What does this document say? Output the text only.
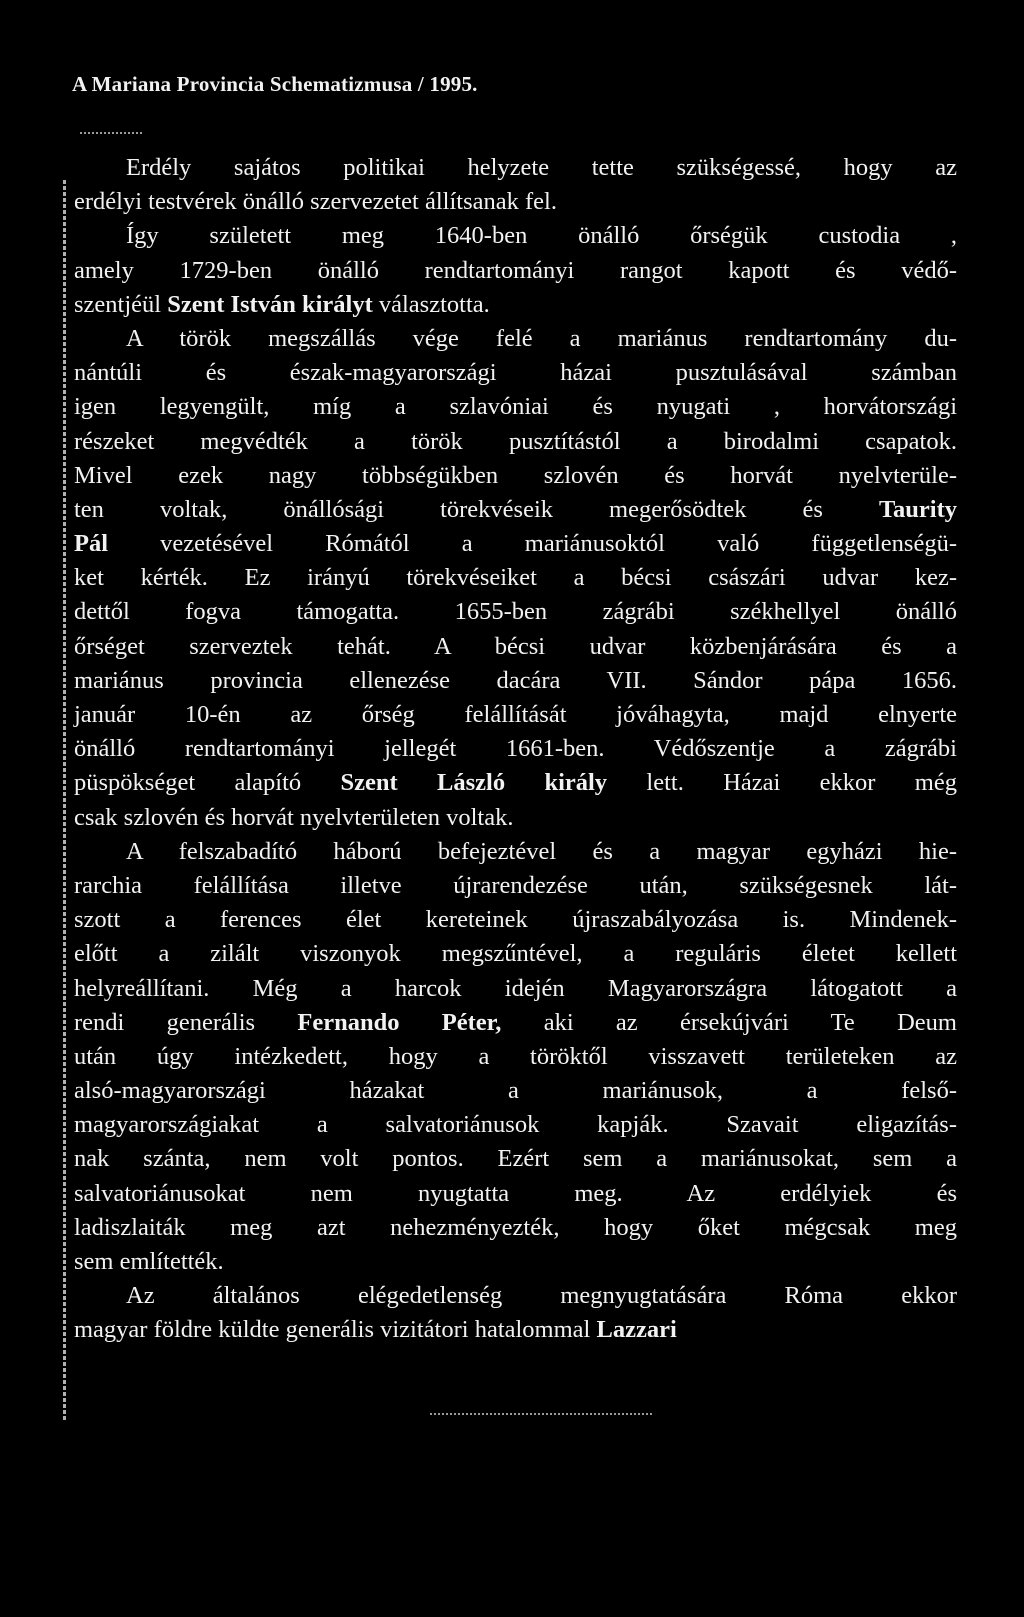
A Mariana Provincia Schematizmusa / 1995.
Erdély sajátos politikai helyzete tette szükségessé, hogy az
erdélyi testvérek önálló szervezetet állítsanak fel.
Így született meg 1640-ben önálló őrségük custodia ,
amely 1729-ben önálló rendtartományi rangot kapott és védő-
szentjéül Szent István királyt választotta.
A török megszállás vége felé a mariánus rendtartomány du-
nántúli és észak-magyarországi házai pusztulásával számban
igen legyengült, míg a szlavóniai és nyugati , horvátországi
részeket megvédték a török pusztítástól a birodalmi csapatok.
Mivel ezek nagy többségükben szlovén és horvát nyelvterüle-
ten voltak, önállósági törekvéseik megerősödtek és Taurity
Pál vezetésével Rómától a mariánusoktól való függetlenségü-
ket kérték. Ez irányú törekvéseiket a bécsi császári udvar kez-
dettől fogva támogatta. 1655-ben zágrábi székhellyel önálló
őrséget szerveztek tehát. A bécsi udvar közbenjárására és a
mariánus provincia ellenezése dacára VII. Sándor pápa 1656.
január 10-én az őrség felállítását jóváhagyta, majd elnyerte
önálló rendtartományi jellegét 1661-ben. Védőszentje a zágrábi
püspökséget alapító Szent László király lett. Házai ekkor még
csak szlovén és horvát nyelvterületen voltak.
A felszabadító háború befejeztével és a magyar egyházi hie-
rarchia felállítása illetve újrarendezése után, szükségesnek lát-
szott a ferences élet kereteinek újraszabályozása is. Mindenek-
előtt a zilált viszonyok megszűntével, a reguláris életet kellett
helyreállítani. Még a harcok idején Magyarországra látogatott a
rendi generális Fernando Péter, aki az érsekújvári Te Deum
után úgy intézkedett, hogy a töröktől visszavett területeken az
alsó-magyarországi házakat a mariánusok, a felső-
magyarországiakat a salvatoriánusok kapják. Szavait eligazítás-
nak szánta, nem volt pontos. Ezért sem a mariánusokat, sem a
salvatoriánusokat nem nyugtatta meg. Az erdélyiek és
ladiszlaiták meg azt nehezményezték, hogy őket mégcsak meg
sem említették.
Az általános elégedetlenség megnyugtatására Róma ekkor
magyar földre küldte generális vizitátori hatalommal Lazzari
